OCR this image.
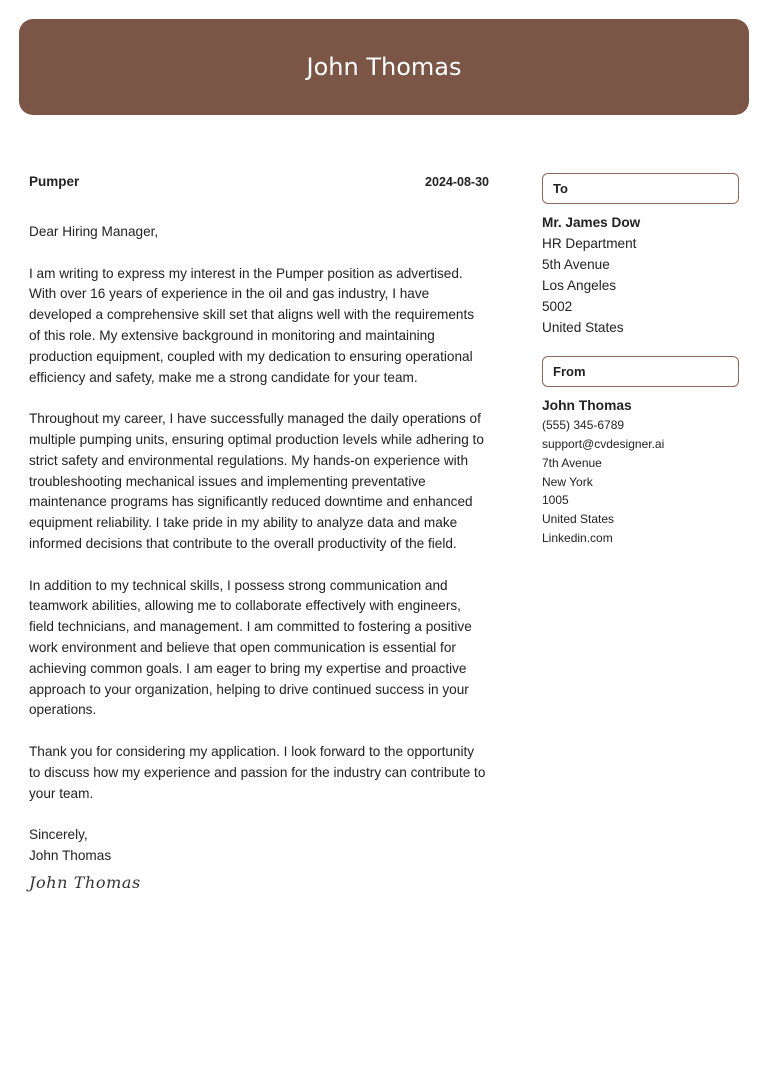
John Thomas
Pumper	2024-08-30
Dear Hiring Manager,

I am writing to express my interest in the Pumper position as advertised. With over 16 years of experience in the oil and gas industry, I have developed a comprehensive skill set that aligns well with the requirements of this role. My extensive background in monitoring and maintaining production equipment, coupled with my dedication to ensuring operational efficiency and safety, make me a strong candidate for your team.

Throughout my career, I have successfully managed the daily operations of multiple pumping units, ensuring optimal production levels while adhering to strict safety and environmental regulations. My hands-on experience with troubleshooting mechanical issues and implementing preventative maintenance programs has significantly reduced downtime and enhanced equipment reliability. I take pride in my ability to analyze data and make informed decisions that contribute to the overall productivity of the field.

In addition to my technical skills, I possess strong communication and teamwork abilities, allowing me to collaborate effectively with engineers, field technicians, and management. I am committed to fostering a positive work environment and believe that open communication is essential for achieving common goals. I am eager to bring my expertise and proactive approach to your organization, helping to drive continued success in your operations.

Thank you for considering my application. I look forward to the opportunity to discuss how my experience and passion for the industry can contribute to your team.

Sincerely,
John Thomas
John Thomas
To
Mr. James Dow
HR Department
5th Avenue
Los Angeles
5002
United States
From
John Thomas
(555) 345-6789
support@cvdesigner.ai
7th Avenue
New York
1005
United States
Linkedin.com
